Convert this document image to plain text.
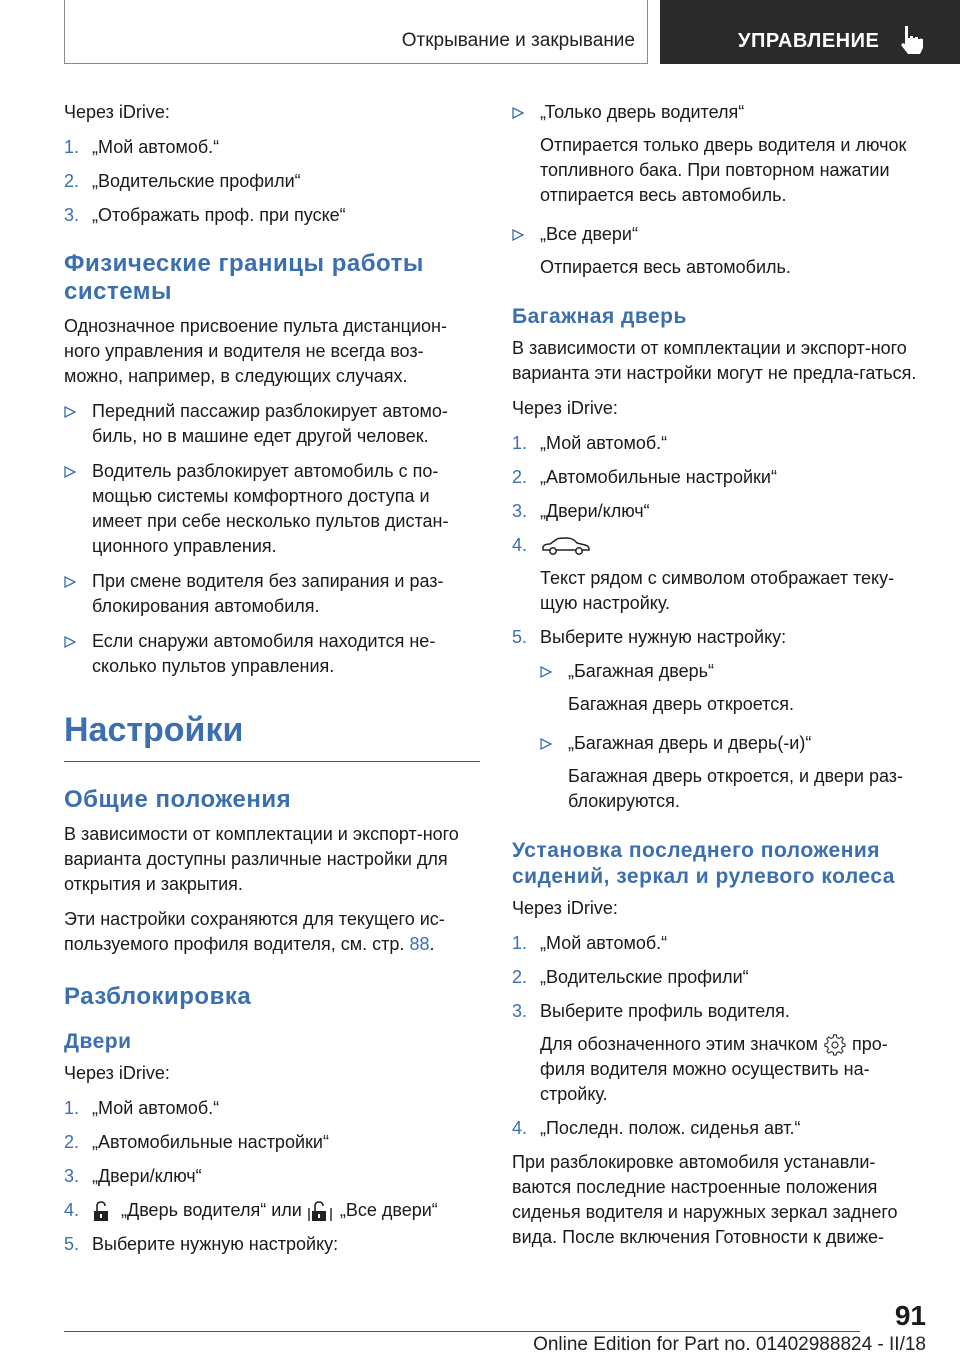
Открывание и закрывание	УПРАВЛЕНИЕ

Через iDrive:

1. „Мой автомоб.“
2. „Водительские профили“
3. „Отображать проф. при пуске“
Физические границы работы системы

Однозначное присвоение пульта дистанцион-ного управления и водителя не всегда воз-можно, например, в следующих случаях.

Передний пассажир разблокирует автомо-биль, но в машине едет другой человек.
Водитель разблокирует автомобиль с по-мощью системы комфортного доступа и имеет при себе несколько пультов дистан-ционного управления.
При смене водителя без запирания и раз-блокирования автомобиля.
Если снаружи автомобиля находится не-сколько пультов управления.
Настройки
Общие положения

В зависимости от комплектации и экспорт-ного варианта доступны различные настройки для открытия и закрытия.

Эти настройки сохраняются для текущего ис-пользуемого профиля водителя, см. стр. 88.

Разблокировка
Двери

Через iDrive:

1. „Мой автомоб.“
2. „Автомобильные настройки“
3. „Двери/ключ“
4. „Дверь водителя“ или „Все двери“
5. Выберите нужную настройку:
„Только дверь водителя“
Отпирается только дверь водителя и лючок топливного бака. При повторном нажатии отпирается весь автомобиль.
„Все двери“
Отпирается весь автомобиль.
Багажная дверь

В зависимости от комплектации и экспорт-ного варианта эти настройки могут не предла-гаться.

Через iDrive:

1. „Мой автомоб.“
2. „Автомобильные настройки“
3. „Двери/ключ“
4.
Текст рядом с символом отображает теку-щую настройку.
5. Выберите нужную настройку:
„Багажная дверь“
Багажная дверь откроется.
„Багажная дверь и дверь(-и)“
Багажная дверь откроется, и двери раз-блокируются.
Установка последнего положения сидений, зеркал и рулевого колеса

Через iDrive:

1. „Мой автомоб.“
2. „Водительские профили“
3. Выберите профиль водителя.
Для обозначенного этим значком про-филя водителя можно осуществить на-стройку.
4. „Последн. полож. сиденья авт.“

При разблокировке автомобиля устанавли-ваются последние настроенные положения сиденья водителя и наружных зеркал заднего вида. После включения Готовности к движе-

91
Online Edition for Part no. 01402988824 - II/18
